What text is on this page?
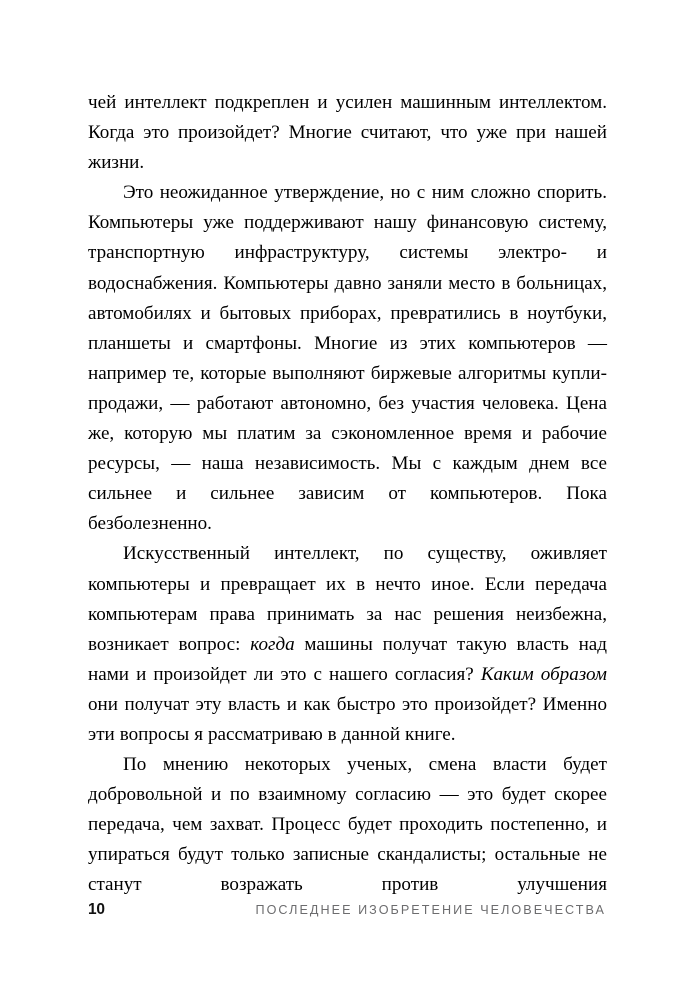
чей интеллект подкреплен и усилен машинным интеллектом. Когда это произойдет? Многие считают, что уже при нашей жизни.

Это неожиданное утверждение, но с ним сложно спорить. Компьютеры уже поддерживают нашу финансовую систему, транспортную инфраструктуру, системы электро- и водоснабжения. Компьютеры давно заняли место в больницах, автомобилях и бытовых приборах, превратились в ноутбуки, планшеты и смартфоны. Многие из этих компьютеров — например те, которые выполняют биржевые алгоритмы купли-продажи, — работают автономно, без участия человека. Цена же, которую мы платим за сэкономленное время и рабочие ресурсы, — наша независимость. Мы с каждым днем все сильнее и сильнее зависим от компьютеров. Пока безболезненно.

Искусственный интеллект, по существу, оживляет компьютеры и превращает их в нечто иное. Если передача компьютерам права принимать за нас решения неизбежна, возникает вопрос: когда машины получат такую власть над нами и произойдет ли это с нашего согласия? Каким образом они получат эту власть и как быстро это произойдет? Именно эти вопросы я рассматриваю в данной книге.

По мнению некоторых ученых, смена власти будет добровольной и по взаимному согласию — это будет скорее передача, чем захват. Процесс будет проходить постепенно, и упираться будут только записные скандалисты; остальные не станут возражать против улучшения

10	ПОСЛЕДНЕЕ ИЗОБРЕТЕНИЕ ЧЕЛОВЕЧЕСТВА
